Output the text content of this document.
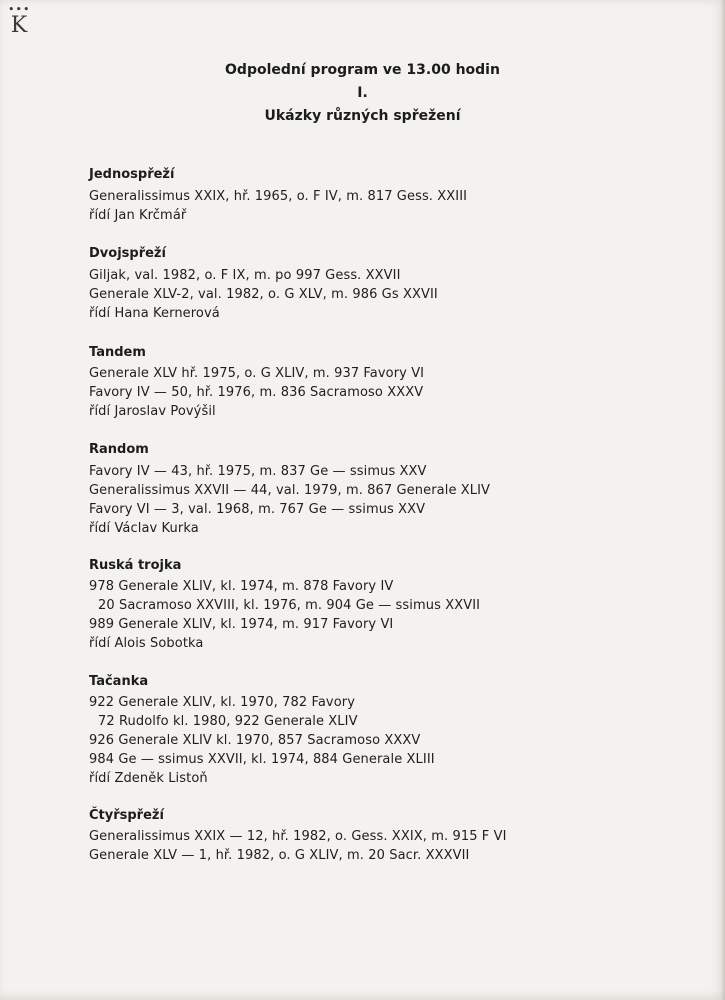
•••
K
Odpolední program ve 13.00 hodin
I.
Ukázky různých spřežení
Jednospřeží
Generalissimus XXIX, hř. 1965, o. F IV, m. 817 Gess. XXIII
řídí Jan Krčmář
Dvojspřeží
Giljak, val. 1982, o. F IX, m. po 997 Gess. XXVII
Generale XLV-2, val. 1982, o. G XLV, m. 986 Gs XXVII
řídí Hana Kernerová
Tandem
Generale XLV hř. 1975, o. G XLIV, m. 937 Favory VI
Favory IV — 50, hř. 1976, m. 836 Sacramoso XXXV
řídí Jaroslav Povýšil
Random
Favory IV — 43, hř. 1975, m. 837 Ge — ssimus XXV
Generalissimus XXVII — 44, val. 1979, m. 867 Generale XLIV
Favory VI — 3, val. 1968, m. 767 Ge — ssimus XXV
řídí Václav Kurka
Ruská trojka
978 Generale XLIV, kl. 1974, m. 878 Favory IV
20 Sacramoso XXVIII, kl. 1976, m. 904 Ge — ssimus XXVII
989 Generale XLIV, kl. 1974, m. 917 Favory VI
řídí Alois Sobotka
Tačanka
922 Generale XLIV, kl. 1970, 782 Favory
72 Rudolfo kl. 1980, 922 Generale XLIV
926 Generale XLIV kl. 1970, 857 Sacramoso XXXV
984 Ge — ssimus XXVII, kl. 1974, 884 Generale XLIII
řídí Zdeněk Listoň
Čtyřspřeží
Generalissimus XXIX — 12, hř. 1982, o. Gess. XXIX, m. 915 F VI
Generale XLV — 1, hř. 1982, o. G XLIV, m. 20 Sacr. XXXVII
